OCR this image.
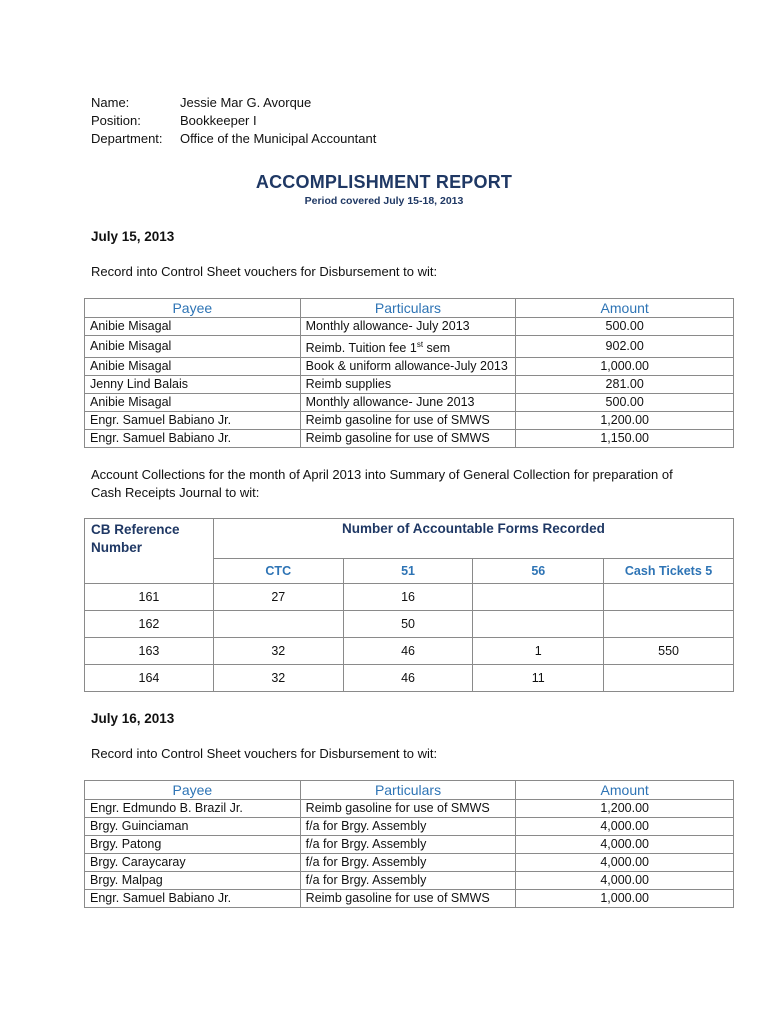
Name:	Jessie Mar G. Avorque
Position:	Bookkeeper I
Department:	Office of the Municipal Accountant
ACCOMPLISHMENT REPORT
Period covered July 15-18, 2013
July 15, 2013
Record into Control Sheet vouchers for Disbursement to wit:
Payee	Particulars	Amount
Anibie Misagal	Monthly allowance- July 2013	500.00
Anibie Misagal	Reimb. Tuition fee 1st sem	902.00
Anibie Misagal	Book & uniform allowance-July 2013	1,000.00
Jenny Lind Balais	Reimb supplies	281.00
Anibie Misagal	Monthly allowance- June 2013	500.00
Engr. Samuel Babiano Jr.	Reimb gasoline for use of SMWS	1,200.00
Engr. Samuel Babiano Jr.	Reimb gasoline for use of SMWS	1,150.00
Account Collections for the month of April 2013 into Summary of General Collection for preparation of Cash Receipts Journal to wit:
CB Reference Number	Number of Accountable Forms Recorded			
	CTC	51	56	Cash Tickets 5
161	27	16		
162		50		
163	32	46	1	550
164	32	46	11	
July 16, 2013
Record into Control Sheet vouchers for Disbursement to wit:
Payee	Particulars	Amount
Engr. Edmundo B. Brazil Jr.	Reimb gasoline for use of SMWS	1,200.00
Brgy. Guinciaman	f/a for Brgy. Assembly	4,000.00
Brgy. Patong	f/a for Brgy. Assembly	4,000.00
Brgy. Caraycaray	f/a for Brgy. Assembly	4,000.00
Brgy. Malpag	f/a for Brgy. Assembly	4,000.00
Engr. Samuel Babiano Jr.	Reimb gasoline for use of SMWS	1,000.00
